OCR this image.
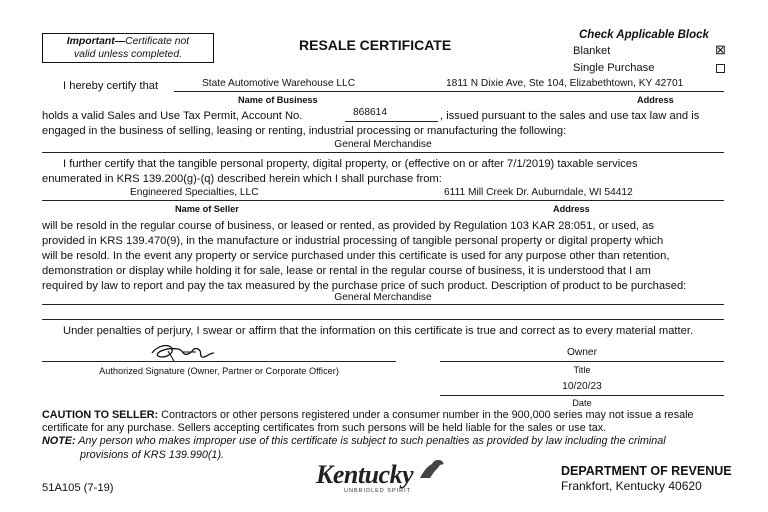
Important—Certificate not
valid unless completed.
RESALE CERTIFICATE
Check Applicable Block
Blanket	⊠
Single Purchase
I hereby certify that	State Automotive Warehouse LLC	1811 N Dixie Ave, Ste 104, Elizabethtown, KY 42701
Name of Business	Address
holds a valid Sales and Use Tax Permit, Account No.	868614	, issued pursuant to the sales and use tax law and is
engaged in the business of selling, leasing or renting, industrial processing or manufacturing the following:
General Merchandise
I further certify that the tangible personal property, digital property, or (effective on or after 7/1/2019) taxable services
enumerated in KRS 139.200(g)-(q) described herein which I shall purchase from:
Engineered Specialties, LLC	6111 Mill Creek Dr. Auburndale, WI 54412
Name of Seller	Address
will be resold in the regular course of business, or leased or rented, as provided by Regulation 103 KAR 28:051, or used, as
provided in KRS 139.470(9), in the manufacture or industrial processing of tangible personal property or digital property which
will be resold. In the event any property or service purchased under this certificate is used for any purpose other than retention,
demonstration or display while holding it for sale, lease or rental in the regular course of business, it is understood that I am
required by law to report and pay the tax measured by the purchase price of such product. Description of product to be purchased:
General Merchandise
Under penalties of perjury, I swear or affirm that the information on this certificate is true and correct as to every material matter.
Authorized Signature (Owner, Partner or Corporate Officer)
Owner
Title
10/20/23
Date
CAUTION TO SELLER: Contractors or other persons registered under a consumer number in the 900,000 series may not issue a resale
certificate for any purchase. Sellers accepting certificates from such persons will be held liable for the sales or use tax.
NOTE: Any person who makes improper use of this certificate is subject to such penalties as provided by law including the criminal
provisions of KRS 139.990(1).
51A105 (7-19)	Kentucky
UNBRIDLED SPIRIT
DEPARTMENT OF REVENUE
Frankfort, Kentucky 40620
